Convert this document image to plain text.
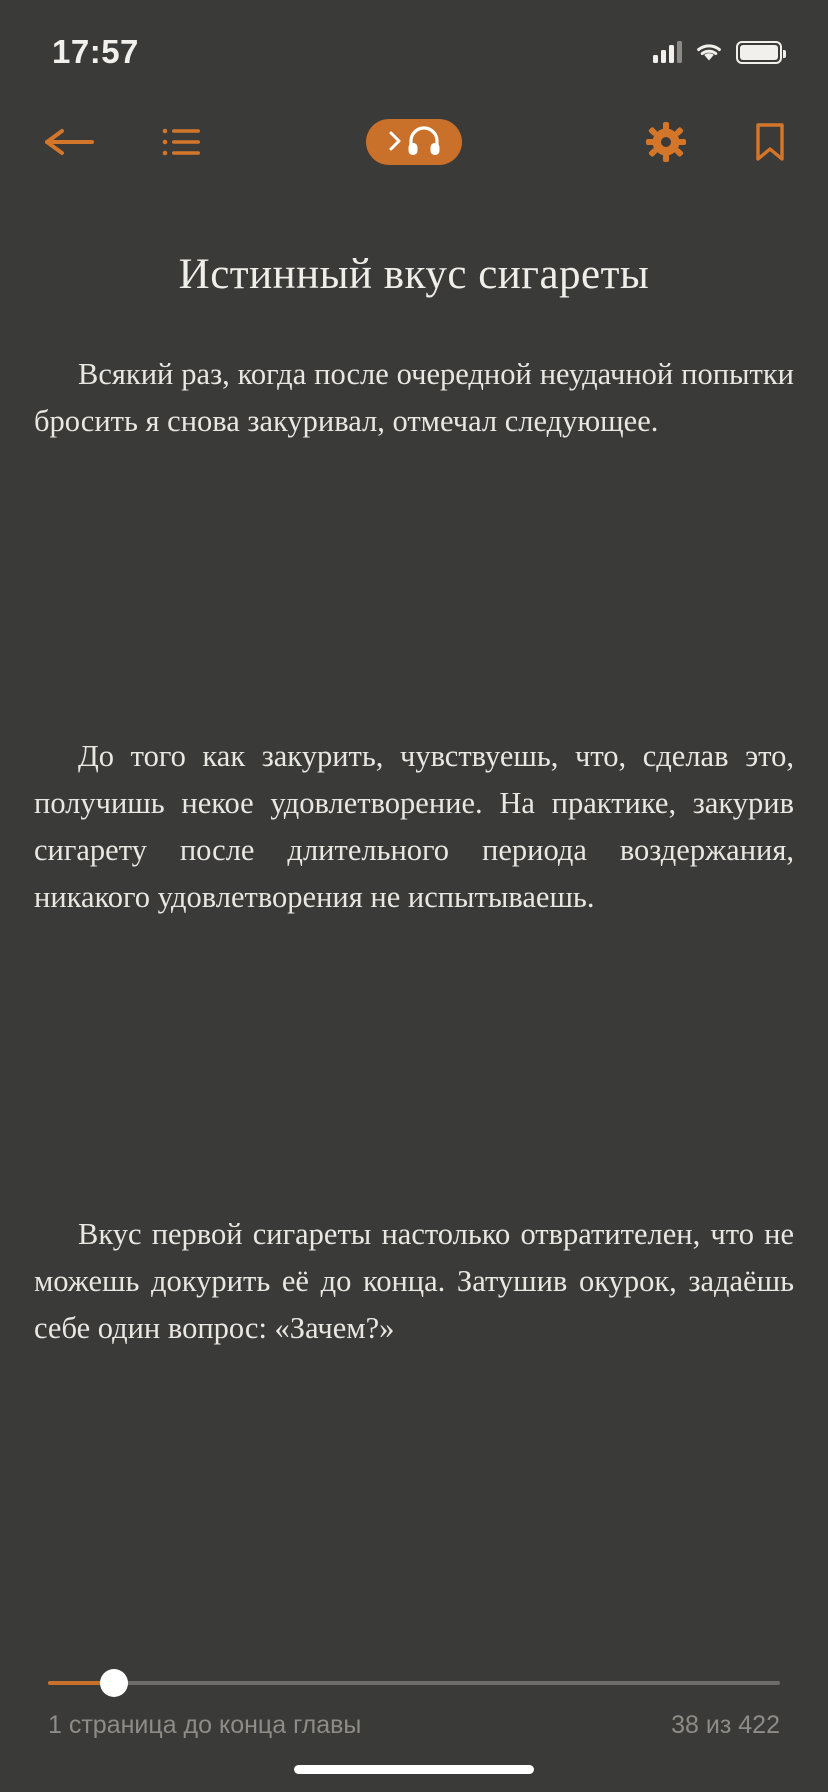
17:57
Истинный вкус сигареты

Всякий раз, когда после очередной неудачной попытки бросить я снова закуривал, отмечал следующее.

До того как закурить, чувствуешь, что, сделав это, получишь некое удовлетворение. На практике, закурив сигарету после длительного периода воздержания, никакого удовлетворения не испытываешь.

Вкус первой сигареты настолько отвратителен, что не можешь докурить её до конца. Затушив окурок, задаёшь себе один вопрос: «Зачем?»

1 страница до конца главы	38 из 422
